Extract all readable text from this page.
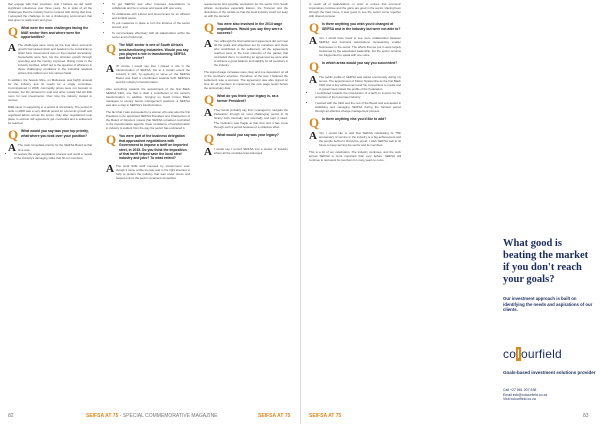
that engage with their members. And I believe we did reach significant milestones over three years. So in spite of all the challenges that the industry had to contend with during that time, I accepted the challenge to run a challenging environment that was given to really learn and grow.

Q What were the main challenges facing the M&E sector then and where were the opportunities?
A The challenges were many as the time when economic growth had slowed down and headed to be constraints to wider fund. Government cuts on fuel created uncertainty; households were hurt, but the stimulus growth through spending and the country improved. Rising costs in the industry tumbled, which led to the question of efficiency in these challenging conditions in the industrial relations sphere that spilled over into various fields.

In addition, the Soweto Mine, on Matlosana, was highly unusual for the industry and its needs for a single committee. Commissioned in 2008, commodity prices were not forecast to increase, but the demand for coal and other metals had left little room for new investments. Over time the industry started to recover.

M&E came in supporting to a period of uncertainty. The period of strife in 2008 was a very difficult period for economic growth and organised labour across the sector. Only after negotiations took place in earnest did agreement get concluded and a settlement be reached.

Q What would you say was your top priority, what where you took over your position?
A The main immediate priority for the SEIFSA Board at that time was:
• To restore the wage negotiation process and avoid a repeat of the industry's damaging strike that hit our members.
• To get SEIFSA and other business Associations to collaborate and be in unison and speak with one voice;
• To collaborate with Labour and Government for an efficient and durable peace;
• To put measures in place to turn the fortunes of the sector around; and
• To communicate effectively with all stakeholders within the sector and to build trust.
Q The M&E sector is one of South Africa's best-functioning industries. Would you say you played a role in transforming SEIFSA and the sector?
A Of course I would say that I played a role in the transformation of SEIFSA, but to a certain extent the industry in fact, by agreeing to serve on the SEIFSA Board was itself a contribution towards both SEIFSA's and the industry's transformation.

Also something towards the appointment of the first Black SEIFSA CEO, one that is itself a contribution to the sector's transformation. In addition, bringing on board former Black managers to occupy Senior management positions, a SEIFSA was also a step in SEIFSA's transformation.

The fact that I was succeeded by a woman who was also the first President to be appointed SEIFSA President and Chairperson of the Board of Directors means that SEIFSA remained committed to the transformation agenda. Clear confidence of transformation in industry is evident from the way the sector has embraced it.

Q You were part of the business delegation that approached negotiations with Government to impose a tariff on imported steel, in 2015. Do you think the imposition of that tariff helped save the local steel industry and jobs? To what extent?
A The local SOE tariff imposed by Government even though it came a little too late was in the right direction to help to protect the industry that was under stress and helped ensure the sector remained competitive.

requirements and possible resolutions for the sector from South African companies especially Eskom, the Transnet and the dissolution of the cartels so that the local industry could not keep up with the demand.

Q You were also involved in the 2014 wage negotiations. Would you say they were a success?
A Yes. Although the final settlement agreement did not meet all the goals and objectives set by ourselves and those who contributed to the settlement, all the agreements reached were in the best interests of the parties that concluded them. In reaching an agreement we were able to achieve a good balance and stability for all members in the industry.

The signed wage increases were clear and one dependent on all of the members' structure. Therefore, at the time I believed the settlement was a success. The agreement was also signed on time for all members to implement the new wage levels before the anniversary date.

Q What do you think your legacy is, as a former President?
A They would probably say that I managed to navigate the Federation through its most challenging period in its history both internally and externally and kept it intact. The institution was fragile at that time and it has come through such a period because of a collective effort.
Q What would you say was your legacy?
A I would say I turned SEIFSA into a House of Industry where all the constituencies belonged.
82	SEIFSA AT 75 - SPECIAL COMMEMORATIVE MAGAZINE	SEIFSA AT 75

to reach all of stakeholders, in order to ensure that economic imperatives continue and the gains are good in the sector. Having been through the hard times, it was good to see the sector come together with shared purpose.

Q Is there anything you wish you'd changed at SEIFSA and in the industry but were not able to?
A Yes, I would have loved to see more collaboration between SEIFSA and business associations representing smaller businesses in the sector. The efforts that we put in were largely welcomed by the associated leadership, but the sector remains too fragmented to speak with one voice.
Q In which areas would you say you succeeded?
A The public profile of SEIFSA was raised enormously during my tenure. The appointment of Kaizer Nyatsumba as the first Black CEO was a key achievement and his connections to media and to government raised the profile of the Federation.
• I contributed towards the introduction of a tariff on imports for the protection of the local steel industry.
• I worked with the CEO and the rest of the Board and succeeded in stabilising and managing SEIFSA during the hardest period through an effective change management process.
Q Is there anything else you'd like to add?
A Yes, I would like to add that SEIFSA celebrating its 75th anniversary of service in the industry is a big achievement and the people behind it should be proud. I wish SEIFSA well in its future to keep serving the sector and its members.

This is a lot of our celebration. The industry continues, and the work across SEIFSA is more important than ever before. SEIFSA will continue to represent its members for many years to come.

What good is beating the market if you don't reach your goals?
Our investment approach is built on identifying the needs and aspirations of our clients.
colourfield
Goals-based investment solutions provider
Call +27 861 007 638
Email info@colourfield.co.za
Visit colourfield.co.za
SEIFSA AT 75	83
